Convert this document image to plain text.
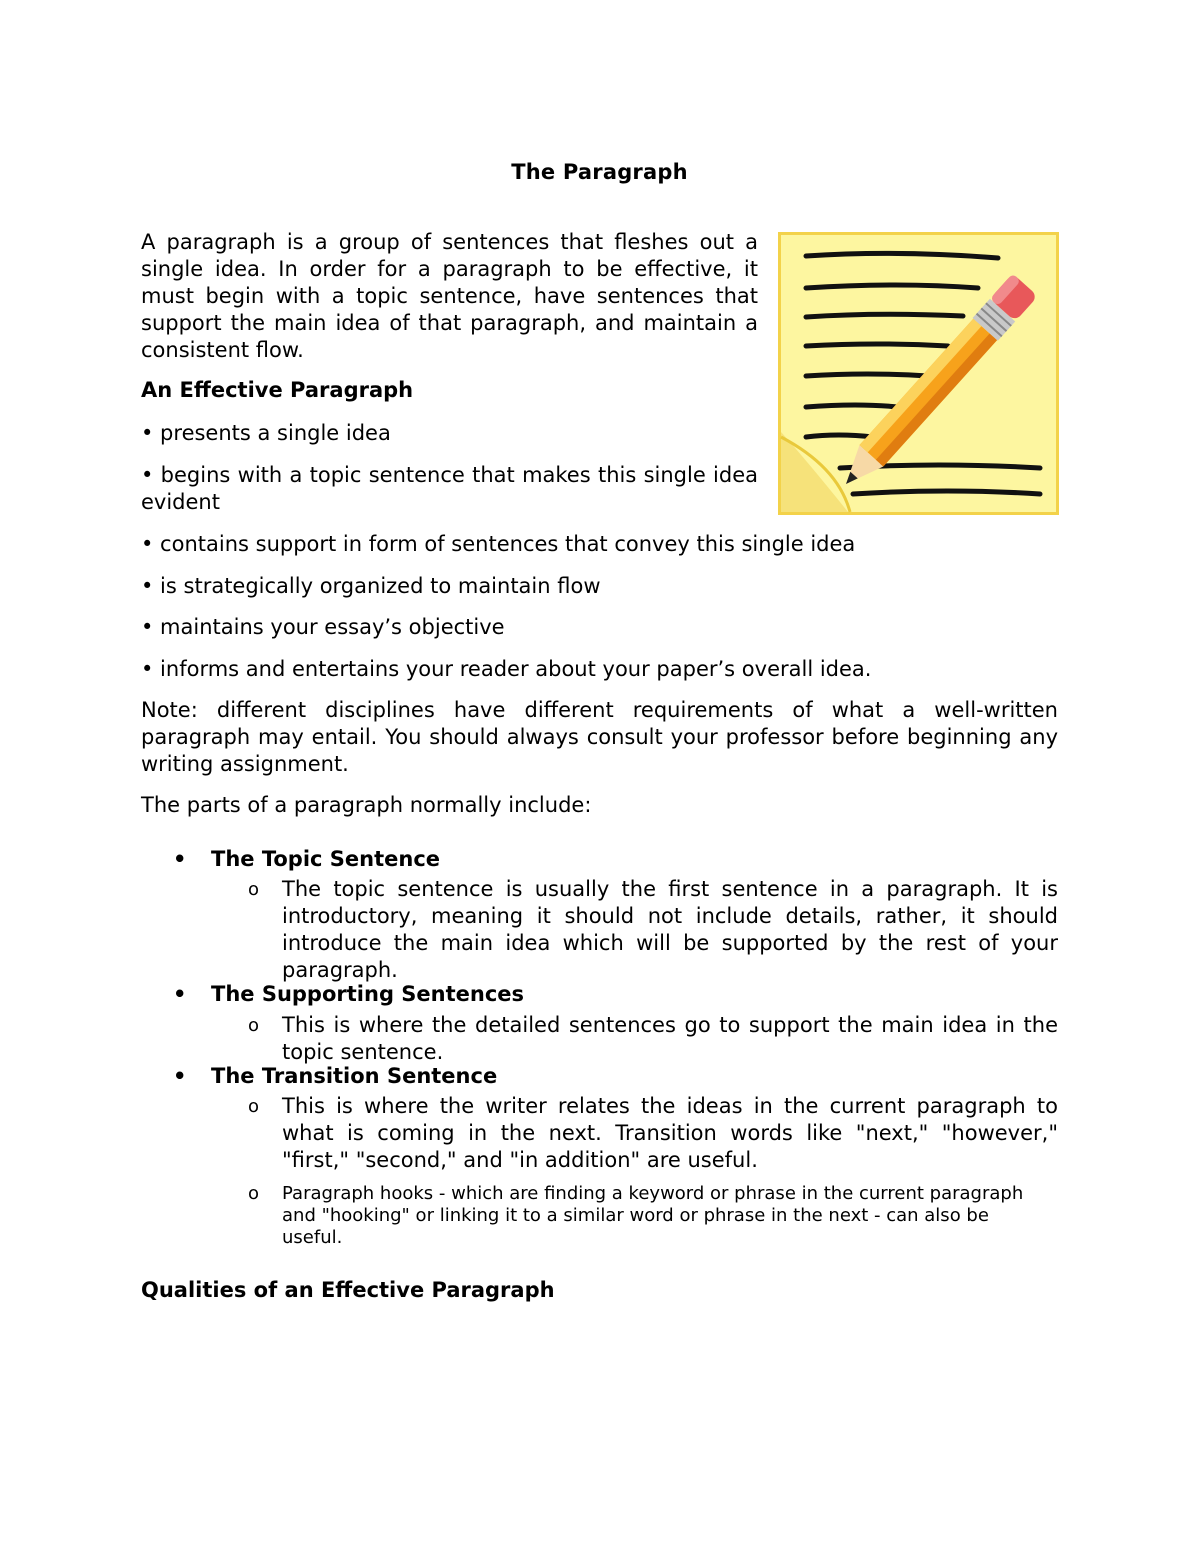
The Paragraph

A paragraph is a group of sentences that fleshes out a single idea. In order for a paragraph to be effective, it must begin with a topic sentence, have sentences that support the main idea of that paragraph, and maintain a consistent flow.

An Effective Paragraph

• presents a single idea

• begins with a topic sentence that makes this single idea evident

• contains support in form of sentences that convey this single idea

• is strategically organized to maintain flow

• maintains your essay’s objective

• informs and entertains your reader about your paper’s overall idea.

Note: different disciplines have different requirements of what a well-written paragraph may entail. You should always consult your professor before beginning any writing assignment.

The parts of a paragraph normally include:

• The Topic Sentence
o The topic sentence is usually the first sentence in a paragraph. It is introductory, meaning it should not include details, rather, it should introduce the main idea which will be supported by the rest of your paragraph.

• The Supporting Sentences
o This is where the detailed sentences go to support the main idea in the topic sentence.

• The Transition Sentence
o This is where the writer relates the ideas in the current paragraph to what is coming in the next. Transition words like "next," "however," "first," "second," and "in addition" are useful.

o Paragraph hooks - which are finding a keyword or phrase in the current paragraph and "hooking" or linking it to a similar word or phrase in the next - can also be useful.

Qualities of an Effective Paragraph
